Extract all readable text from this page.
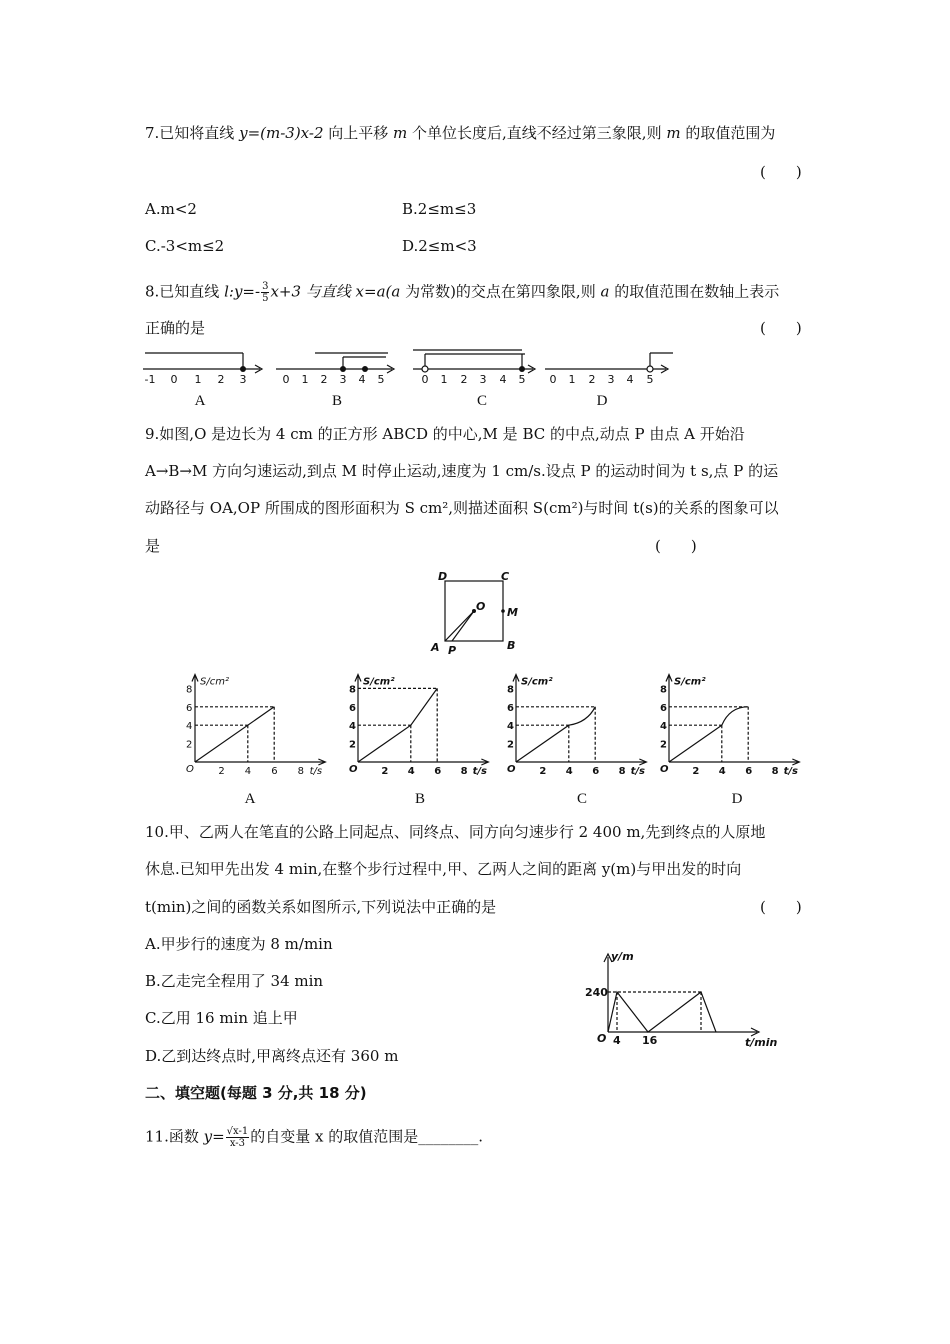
7.已知将直线 y=(m-3)x-2 向上平移 m 个单位长度后,直线不经过第三象限,则 m 的取值范围为
(　　)
A.m<2	B.2≤m≤3
C.-3<m≤2	D.2≤m<3
8.已知直线 l:y=- $\frac{3}{5} x+3$ 与直线 x=a(a 为常数)的交点在第四象限,则 a 的取值范围在数轴上表示
正确的是	(　　)
-1 0 1 2 3	0 1 2 3 4 5	0 1 2 3 4 5 0 1 2 3 4 5
A	B	C	D
9.如图,O 是边长为 4 cm 的正方形 ABCD 的中心,M 是 BC 的中点,动点 P 由点 A 开始沿
A→B→M 方向匀速运动,到点 M 时停止运动,速度为 1 cm/s.设点 P 的运动时间为 t s,点 P 的运
动路径与 OA,OP 所围成的图形面积为 S cm²,则描述面积 S(cm²)与时间 t(s)的关系的图象可以
是	(　　)
D	C
O M
A P	B
S/cm²
2
4
6
8
2 4 6 8
O	t/s
S/cm²
2
4
6
8
2 4 6 8
O	t/s
S/cm²
2
4
6
8
2 4 6 8
O	t/s
S/cm²
2
4
6
8
2 4 6 8
O	t/s
A	B	C	D
10.甲、乙两人在笔直的公路上同起点、同终点、同方向匀速步行 2 400 m,先到终点的人原地
休息.已知甲先出发 4 min,在整个步行过程中,甲、乙两人之间的距离 y(m)与甲出发的时向
t(min)之间的函数关系如图所示,下列说法中正确的是	(　　)
A.甲步行的速度为 8 m/min
B.乙走完全程用了 34 min
C.乙用 16 min 追上甲
D.乙到达终点时,甲离终点还有 360 m
y/m
240
O 4 16	t/min
二、填空题(每题 3 分,共 18 分)
11.函数 $y= \frac{√x-1}{x-3}$ 的自变量 x 的取值范围是________.
